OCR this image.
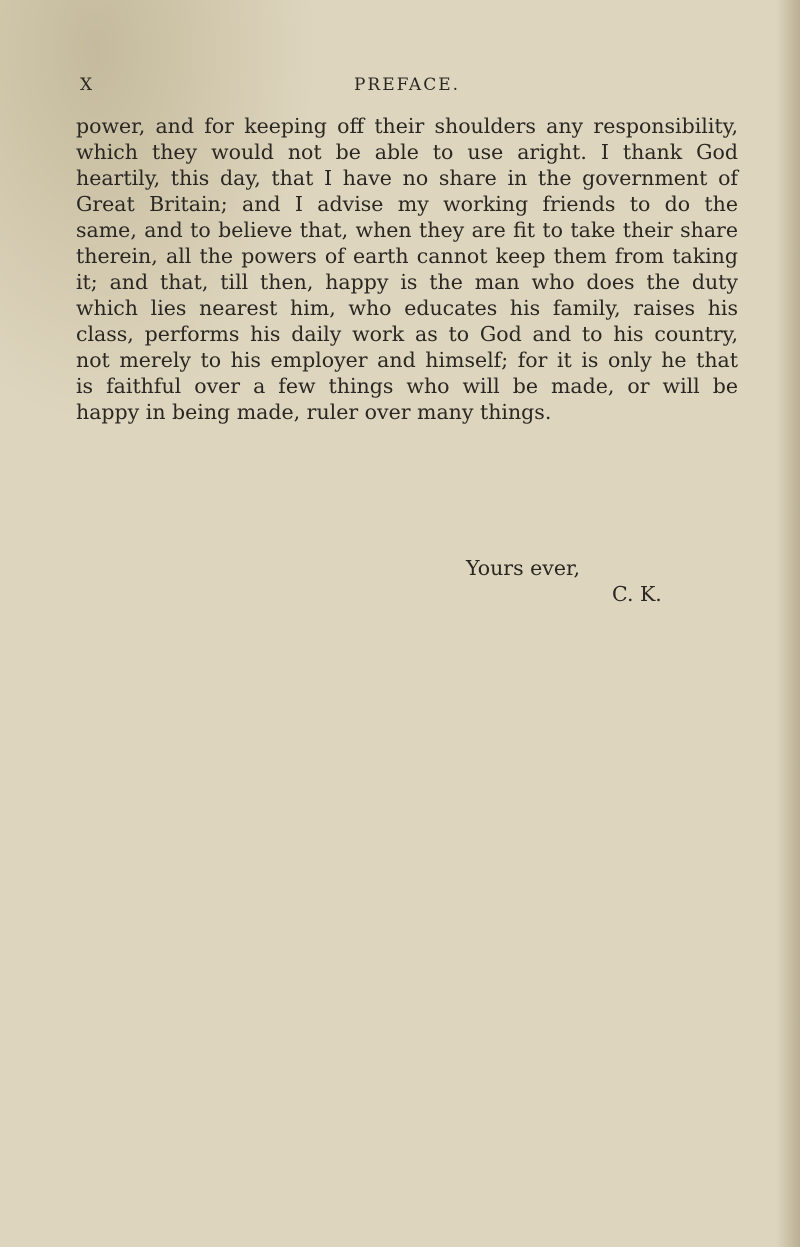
X	PREFACE.
power, and for keeping off their shoulders any responsibility,
which they would not be able to use aright. I thank God
heartily, this day, that I have no share in the government of
Great Britain; and I advise my working friends to do the
same, and to believe that, when they are fit to take their share
therein, all the powers of earth cannot keep them from taking
it; and that, till then, happy is the man who does the duty
which lies nearest him, who educates his family, raises his
class, performs his daily work as to God and to his country,
not merely to his employer and himself; for it is only he that
is faithful over a few things who will be made, or will be
happy in being made, ruler over many things.
Yours ever,
C. K.
